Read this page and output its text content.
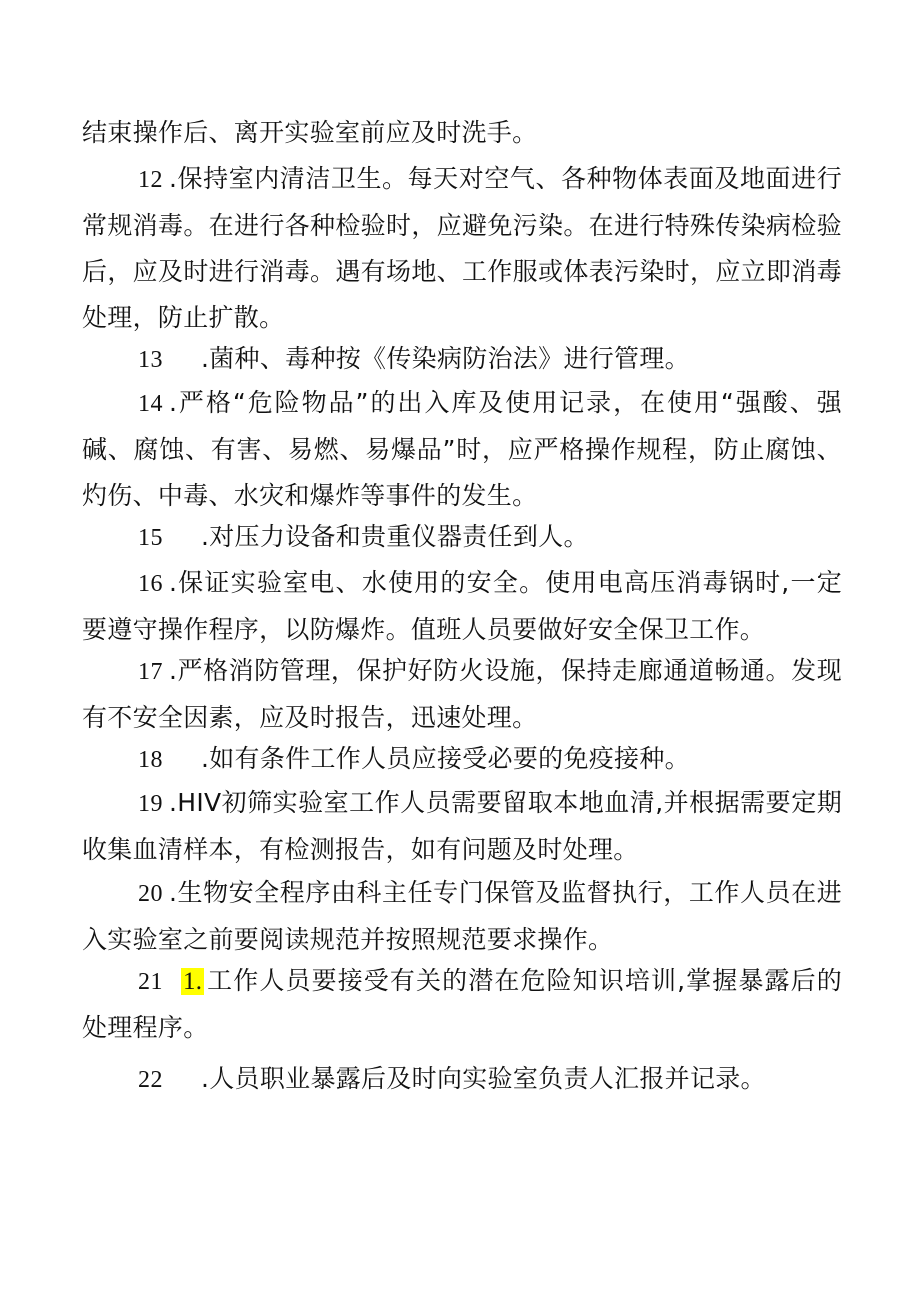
结束操作后、离开实验室前应及时洗手。

12 .保持室内清洁卫生。每天对空气、各种物体表面及地面进行常规消毒。在进行各种检验时，应避免污染。在进行特殊传染病检验后，应及时进行消毒。遇有场地、工作服或体表污染时，应立即消毒处理，防止扩散。

13 .菌种、毒种按《传染病防治法》进行管理。

14 .严格“危险物品”的出入库及使用记录，在使用“强酸、强碱、腐蚀、有害、易燃、易爆品”时，应严格操作规程，防止腐蚀、灼伤、中毒、水灾和爆炸等事件的发生。

15 .对压力设备和贵重仪器责任到人。

16 .保证实验室电、水使用的安全。使用电高压消毒锅时,一定要遵守操作程序，以防爆炸。值班人员要做好安全保卫工作。

17 .严格消防管理，保护好防火设施，保持走廊通道畅通。发现有不安全因素，应及时报告，迅速处理。

18 .如有条件工作人员应接受必要的免疫接种。

19 .HIV初筛实验室工作人员需要留取本地血清,并根据需要定期收集血清样本，有检测报告，如有问题及时处理。

20 .生物安全程序由科主任专门保管及监督执行，工作人员在进入实验室之前要阅读规范并按照规范要求操作。

21 1. 工作人员要接受有关的潜在危险知识培训,掌握暴露后的处理程序。

22 .人员职业暴露后及时向实验室负责人汇报并记录。
